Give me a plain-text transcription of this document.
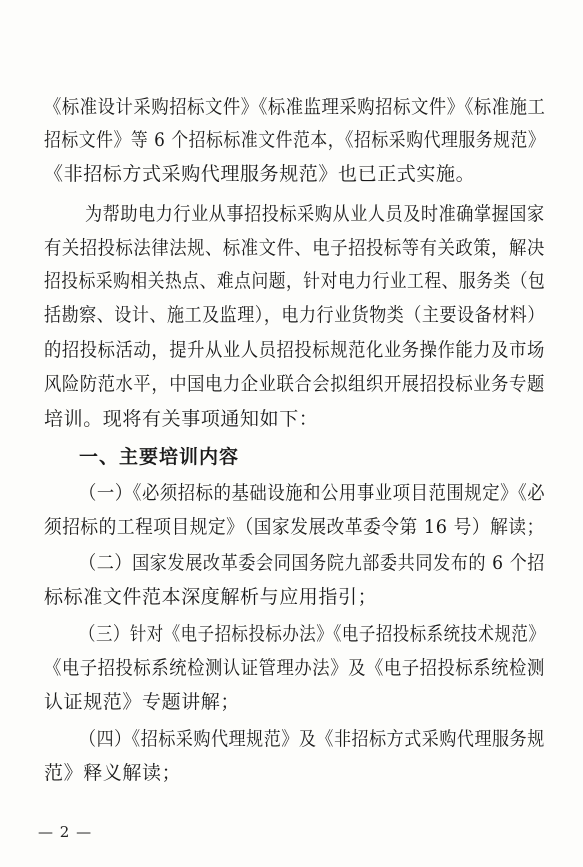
《标准设计采购招标文件》《标准监理采购招标文件》《标准施工
招标文件》等 6 个招标标准文件范本，《招标采购代理服务规范》
《非招标方式采购代理服务规范》也已正式实施。
为帮助电力行业从事招投标采购从业人员及时准确掌握国家
有关招投标法律法规、标准文件、电子招投标等有关政策，解决
招投标采购相关热点、难点问题，针对电力行业工程、服务类（包
括勘察、设计、施工及监理），电力行业货物类（主要设备材料）
的招投标活动，提升从业人员招投标规范化业务操作能力及市场
风险防范水平，中国电力企业联合会拟组织开展招投标业务专题
培训。现将有关事项通知如下：
一、主要培训内容
（一）《必须招标的基础设施和公用事业项目范围规定》《必
须招标的工程项目规定》（国家发展改革委令第 16 号）解读；
（二）国家发展改革委会同国务院九部委共同发布的 6 个招
标标准文件范本深度解析与应用指引；
（三）针对《电子招标投标办法》《电子招投标系统技术规范》
《电子招投标系统检测认证管理办法》及《电子招投标系统检测
认证规范》专题讲解；
（四）《招标采购代理规范》及《非招标方式采购代理服务规
范》释义解读；
— 2 —
